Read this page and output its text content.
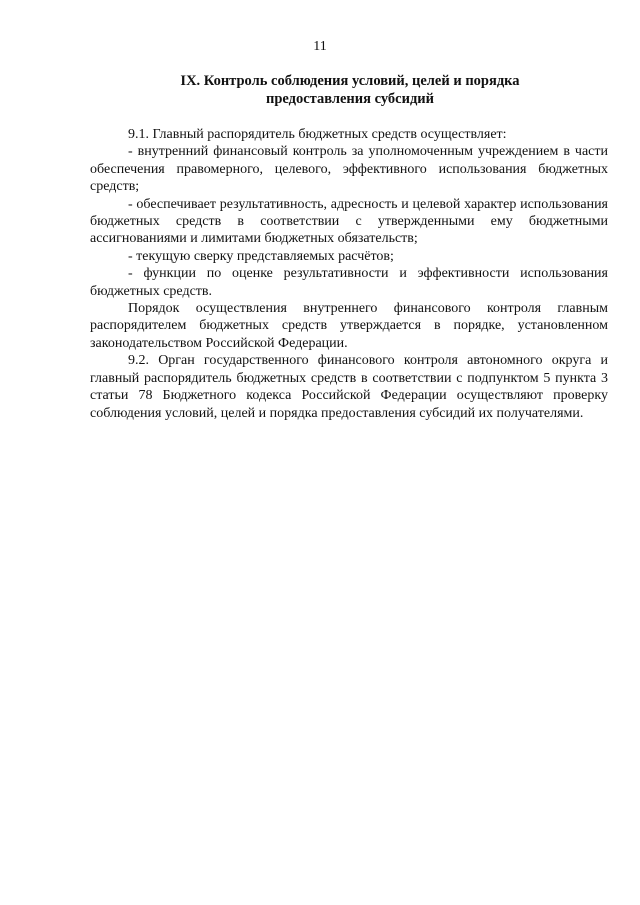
11
IX. Контроль соблюдения условий, целей и порядка
предоставления субсидий

9.1. Главный распорядитель бюджетных средств осуществляет:

- внутренний финансовый контроль за уполномоченным учреждением в части обеспечения правомерного, целевого, эффективного использования бюджетных средств;

- обеспечивает результативность, адресность и целевой характер использования бюджетных средств в соответствии с утвержденными ему бюджетными ассигнованиями и лимитами бюджетных обязательств;

- текущую сверку представляемых расчётов;

- функции по оценке результативности и эффективности использования бюджетных средств.

Порядок осуществления внутреннего финансового контроля главным распорядителем бюджетных средств утверждается в порядке, установленном законодательством Российской Федерации.

9.2. Орган государственного финансового контроля автономного округа и главный распорядитель бюджетных средств в соответствии с подпунктом 5 пункта 3 статьи 78 Бюджетного кодекса Российской Федерации осуществляют проверку соблюдения условий, целей и порядка предоставления субсидий их получателями.
